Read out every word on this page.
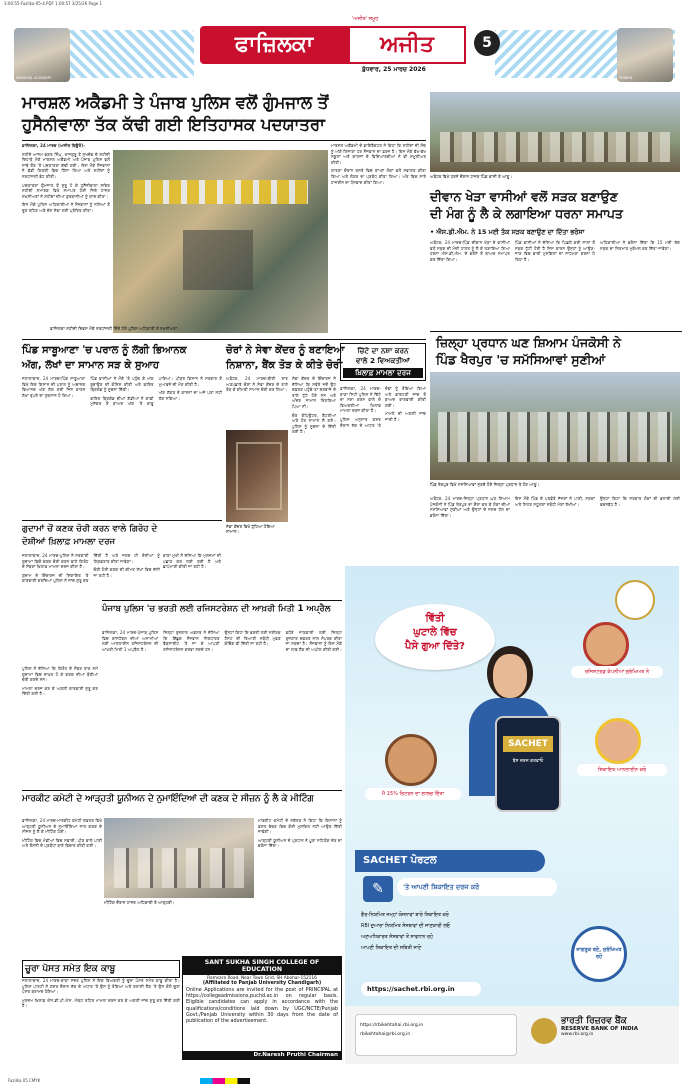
3:00:55-Fazilka-05-4.PDF 1:00:57 3/25/26 Page 1
MARSHAL ACADEMY	TOWER
ਫਾਜ਼ਿਲਕਾ	ਅਜੀਤ
'ਅਜੀਤ' ਸਮੂਹ
5
ਬੁੱਧਵਾਰ, 25 ਮਾਰਚ 2026
ਮਾਰਸ਼ਲ ਅਕੈਡਮੀ ਤੇ ਪੰਜਾਬ ਪੁਲਿਸ ਵਲੋਂ ਗੁੰਮਜਾਲ ਤੋਂ
ਹੁਸੈਨੀਵਾਲਾ ਤੱਕ ਕੱਢੀ ਗਈ ਇਤਿਹਾਸਕ ਪਦਯਾਤਰਾ

ਫ਼ਾਜ਼ਿਲਕਾ, 24 ਮਾਰਚ (ਅਜੀਤ ਬਿਊਰੋ)-

ਸ਼ਹੀਦੇ ਆਜ਼ਮ ਭਗਤ ਸਿੰਘ, ਰਾਜਗੁਰੂ ਤੇ ਸੁਖਦੇਵ ਦੇ ਸ਼ਹੀਦੀ ਦਿਹਾੜੇ ਮੌਕੇ ਮਾਰਸ਼ਲ ਅਕੈਡਮੀ ਅਤੇ ਪੰਜਾਬ ਪੁਲਿਸ ਵਲੋਂ ਸਾਂਝੇ ਤੌਰ 'ਤੇ ਪਦਯਾਤਰਾ ਕੱਢੀ ਗਈ। ਇਸ ਮੌਕੇ ਨੌਜਵਾਨਾਂ ਨੇ ਵੱਡੀ ਗਿਣਤੀ ਵਿਚ ਹਿੱਸਾ ਲਿਆ ਅਤੇ ਸ਼ਹੀਦਾਂ ਨੂੰ ਸ਼ਰਧਾਂਜਲੀ ਭੇਟ ਕੀਤੀ।

ਪਦਯਾਤਰਾ ਗੁੰਮਜਾਲ ਤੋਂ ਸ਼ੁਰੂ ਹੋ ਕੇ ਹੁਸੈਨੀਵਾਲਾ ਸਥਿਤ ਸ਼ਹੀਦੀ ਸਮਾਰਕ ਵਿਖੇ ਸਮਾਪਤ ਹੋਈ ਜਿਥੇ ਹਾਜ਼ਰ ਸ਼ਖ਼ਸੀਅਤਾਂ ਨੇ ਸ਼ਹੀਦਾਂ ਦੀਆਂ ਕੁਰਬਾਨੀਆਂ ਨੂੰ ਯਾਦ ਕੀਤਾ।

ਇਸ ਮੌਕੇ ਪੁਲਿਸ ਅਧਿਕਾਰੀਆਂ ਨੇ ਨੌਜਵਾਨਾਂ ਨੂੰ ਨਸ਼ਿਆਂ ਤੋਂ ਦੂਰ ਰਹਿਣ ਅਤੇ ਦੇਸ਼ ਸੇਵਾ ਲਈ ਪ੍ਰੇਰਿਤ ਕੀਤਾ।

ਫ਼ਾਜ਼ਿਲਕਾ ਸ਼ਹੀਦੀ ਦਿਵਸ ਮੌਕੇ ਸ਼ਰਧਾਂਜਲੀ ਦਿੰਦੇ ਹੋਏ ਪੁਲਿਸ ਅਧਿਕਾਰੀ ਤੇ ਸ਼ਖ਼ਸੀਅਤਾਂ।

ਮਾਰਸ਼ਲ ਅਕੈਡਮੀ ਦੇ ਡਾਇਰੈਕਟਰ ਨੇ ਕਿਹਾ ਕਿ ਸ਼ਹੀਦਾਂ ਦੀ ਸੋਚ ਨੂੰ ਅੱਗੇ ਲਿਜਾਣਾ ਹਰ ਨੌਜਵਾਨ ਦਾ ਫ਼ਰਜ਼ ਹੈ। ਇਸ ਮੌਕੇ ਵੱਖ-ਵੱਖ ਸਕੂਲਾਂ ਅਤੇ ਕਾਲਜਾਂ ਦੇ ਵਿਦਿਆਰਥੀਆਂ ਨੇ ਵੀ ਸ਼ਮੂਲੀਅਤ ਕੀਤੀ।

ਯਾਤਰਾ ਦੌਰਾਨ ਰਸਤੇ ਵਿਚ ਥਾਂ-ਥਾਂ ਲੋਕਾਂ ਵਲੋਂ ਸਵਾਗਤ ਕੀਤਾ ਗਿਆ ਅਤੇ ਲੰਗਰ ਦਾ ਪ੍ਰਬੰਧ ਕੀਤਾ ਗਿਆ। ਅੰਤ ਵਿਚ ਸਾਰੇ ਹਾਜ਼ਰੀਨ ਦਾ ਧੰਨਵਾਦ ਕੀਤਾ ਗਿਆ।

ਅਬੋਹਰ ਵਿਖੇ ਧਰਨੇ ਦੌਰਾਨ ਹਾਜ਼ਰ ਪਿੰਡ ਵਾਸੀ ਤੇ ਆਗੂ।
ਦੀਵਾਨ ਖੇੜਾ ਵਾਸੀਆਂ ਵਲੋਂ ਸੜਕ ਬਣਾਉਣ
ਦੀ ਮੰਗ ਨੂੰ ਲੈ ਕੇ ਲਗਾਇਆ ਧਰਨਾ ਸਮਾਪਤ
• ਐਸ.ਡੀ.ਐਮ. ਨੇ 15 ਮਈ ਤੱਕ ਸੜਕ ਬਣਾਉਣ ਦਾ ਦਿੱਤਾ ਭਰੋਸਾ

ਅਬੋਹਰ, 24 ਮਾਰਚ-ਪਿੰਡ ਦੀਵਾਨ ਖੇੜਾ ਦੇ ਵਾਸੀਆਂ ਵਲੋਂ ਸੜਕ ਦੀ ਮੰਦੀ ਹਾਲਤ ਨੂੰ ਲੈ ਕੇ ਲਗਾਇਆ ਗਿਆ ਧਰਨਾ ਐਸ.ਡੀ.ਐਮ. ਦੇ ਭਰੋਸੇ ਤੋਂ ਬਾਅਦ ਸਮਾਪਤ ਕਰ ਦਿੱਤਾ ਗਿਆ।

ਪਿੰਡ ਵਾਸੀਆਂ ਨੇ ਦੱਸਿਆ ਕਿ ਪਿਛਲੇ ਕਈ ਸਾਲਾਂ ਤੋਂ ਸੜਕ ਟੁੱਟੀ ਹੋਈ ਹੈ ਜਿਸ ਕਾਰਨ ਉਨ੍ਹਾਂ ਨੂੰ ਆਉਣ-ਜਾਣ ਵਿਚ ਭਾਰੀ ਮੁਸ਼ਕਿਲਾਂ ਦਾ ਸਾਹਮਣਾ ਕਰਨਾ ਪੈ ਰਿਹਾ ਹੈ।

ਅਧਿਕਾਰੀਆਂ ਨੇ ਭਰੋਸਾ ਦਿੱਤਾ ਕਿ 15 ਮਈ ਤੱਕ ਸੜਕ ਦਾ ਨਿਰਮਾਣ ਮੁਕੰਮਲ ਕਰ ਦਿੱਤਾ ਜਾਵੇਗਾ।

ਜ਼ਿਲ੍ਹਾ ਪ੍ਰਧਾਨ ਘਣ ਸ਼ਿਆਮ ਪੰਜਕੋਸੀ ਨੇ
ਪਿੰਡ ਖੈਰਪੁਰ 'ਚ ਸਮੱਸਿਆਵਾਂ ਸੁਣੀਆਂ
ਪਿੰਡ ਖੈਰਪੁਰ ਵਿਖੇ ਸਮੱਸਿਆਵਾਂ ਸੁਣਦੇ ਹੋਏ ਜ਼ਿਲ੍ਹਾ ਪ੍ਰਧਾਨ ਤੇ ਹੋਰ ਆਗੂ।

ਅਬੋਹਰ, 24 ਮਾਰਚ-ਜ਼ਿਲ੍ਹਾ ਪ੍ਰਧਾਨ ਘਣ ਸ਼ਿਆਮ ਪੰਜਕੋਸੀ ਨੇ ਪਿੰਡ ਖੈਰਪੁਰ ਦਾ ਦੌਰਾ ਕਰ ਕੇ ਲੋਕਾਂ ਦੀਆਂ ਸਮੱਸਿਆਵਾਂ ਸੁਣੀਆਂ ਅਤੇ ਉਨ੍ਹਾਂ ਦੇ ਜਲਦ ਹੱਲ ਦਾ ਭਰੋਸਾ ਦਿੱਤਾ।

ਇਸ ਮੌਕੇ ਪਿੰਡ ਦੇ ਪਤਵੰਤੇ ਸੱਜਣਾਂ ਨੇ ਪਾਣੀ, ਸੜਕਾਂ ਅਤੇ ਸਿਹਤ ਸਹੂਲਤਾਂ ਸਬੰਧੀ ਮੰਗਾਂ ਰੱਖੀਆਂ।

ਉਨ੍ਹਾਂ ਕਿਹਾ ਕਿ ਸਰਕਾਰ ਲੋਕਾਂ ਦੀ ਭਲਾਈ ਲਈ ਵਚਨਬੱਧ ਹੈ।

ਪਿੰਡ ਸਾਬੂਆਣਾ 'ਚ ਪਰਾਲ ਨੂੰ ਲੱਗੀ ਭਿਆਨਕ
ਅੱਗ, ਲੱਖਾਂ ਦਾ ਸਾਮਾਨ ਸੜ ਕੇ ਸੁਆਹ

ਜਲਾਲਾਬਾਦ, 24 ਮਾਰਚ-ਪਿੰਡ ਸਾਬੂਆਣਾ ਵਿਖੇ ਇਕ ਕਿਸਾਨ ਦੀ ਪਰਾਲ ਨੂੰ ਅਚਾਨਕ ਭਿਆਨਕ ਅੱਗ ਲੱਗ ਗਈ ਜਿਸ ਕਾਰਨ ਲੱਖਾਂ ਰੁਪਏ ਦਾ ਨੁਕਸਾਨ ਹੋ ਗਿਆ।

ਪਿੰਡ ਵਾਸੀਆਂ ਨੇ ਮੌਕੇ 'ਤੇ ਪਹੁੰਚ ਕੇ ਅੱਗ ਬੁਝਾਉਣ ਦੀ ਕੋਸ਼ਿਸ਼ ਕੀਤੀ ਅਤੇ ਫਾਇਰ ਬ੍ਰਿਗੇਡ ਨੂੰ ਸੂਚਨਾ ਦਿੱਤੀ।

ਫਾਇਰ ਬ੍ਰਿਗੇਡ ਦੀਆਂ ਗੱਡੀਆਂ ਨੇ ਕਾਫ਼ੀ ਮੁਸ਼ੱਕਤ ਤੋਂ ਬਾਅਦ ਅੱਗ 'ਤੇ ਕਾਬੂ ਪਾਇਆ। ਪੀੜਤ ਕਿਸਾਨ ਨੇ ਸਰਕਾਰ ਤੋਂ ਮੁਆਵਜ਼ੇ ਦੀ ਮੰਗ ਕੀਤੀ ਹੈ।

ਅੱਗ ਲੱਗਣ ਦੇ ਕਾਰਨਾਂ ਦਾ ਅਜੇ ਪਤਾ ਨਹੀਂ ਲੱਗ ਸਕਿਆ।

ਚੋਰਾਂ ਨੇ ਸੇਵਾ ਕੇਂਦਰ ਨੂੰ ਬਣਾਇਆ
ਨਿਸ਼ਾਨਾ, ਬੈਂਕ ਤੋੜ ਕੇ ਕੀਤੇ ਚੋਰੀ

ਅਬੋਹਰ, 24 ਮਾਰਚ-ਬੀਤੀ ਰਾਤ ਅਣਪਛਾਤੇ ਚੋਰਾਂ ਨੇ ਸੇਵਾ ਕੇਂਦਰ ਦੇ ਤਾਲੇ ਤੋੜ ਕੇ ਕੀਮਤੀ ਸਾਮਾਨ ਚੋਰੀ ਕਰ ਲਿਆ।

ਸੇਵਾ ਕੇਂਦਰ ਵਿਖੇ ਟੁੱਟਿਆ ਹੋਇਆ ਸਾਮਾਨ।

ਸੇਵਾ ਕੇਂਦਰ ਦੇ ਇੰਚਾਰਜ ਨੇ ਦੱਸਿਆ ਕਿ ਸਵੇਰੇ ਜਦੋਂ ਉਹ ਦਫ਼ਤਰ ਪਹੁੰਚੇ ਤਾਂ ਦਰਵਾਜ਼ੇ ਦੇ ਤਾਲੇ ਟੁੱਟੇ ਹੋਏ ਸਨ ਅਤੇ ਅੰਦਰ ਸਾਮਾਨ ਖਿੱਲਰਿਆ ਪਿਆ ਸੀ।

ਚੋਰ ਕੰਪਿਊਟਰ, ਬੈਟਰੀਆਂ ਅਤੇ ਹੋਰ ਸਾਮਾਨ ਲੈ ਗਏ। ਪੁਲਿਸ ਨੂੰ ਸੂਚਨਾ ਦੇ ਦਿੱਤੀ ਗਈ ਹੈ।

ਚਿੱਟੇ ਦਾ ਨਸ਼ਾ ਕਰਨ
ਵਾਲੇ 2 ਵਿਅਕਤੀਆਂ
ਖ਼ਿਲਾਫ਼ ਮਾਮਲਾ ਦਰਜ

ਫ਼ਾਜ਼ਿਲਕਾ, 24 ਮਾਰਚ-ਥਾਣਾ ਸਿਟੀ ਪੁਲਿਸ ਨੇ ਚਿੱਟੇ ਦਾ ਨਸ਼ਾ ਕਰਨ ਵਾਲੇ ਦੋ ਵਿਅਕਤੀਆਂ ਖ਼ਿਲਾਫ਼ ਮਾਮਲਾ ਦਰਜ ਕੀਤਾ ਹੈ।

ਪੁਲਿਸ ਅਨੁਸਾਰ ਗਸ਼ਤ ਦੌਰਾਨ ਸ਼ੱਕ ਦੇ ਅਧਾਰ 'ਤੇ ਦੋਵਾਂ ਨੂੰ ਰੋਕਿਆ ਗਿਆ ਅਤੇ ਡਾਕਟਰੀ ਜਾਂਚ ਤੋਂ ਬਾਅਦ ਕਾਰਵਾਈ ਕੀਤੀ ਗਈ।

ਮਾਮਲੇ ਦੀ ਅਗਲੀ ਜਾਂਚ ਜਾਰੀ ਹੈ।

ਗੁਦਾਮਾਂ ਚੋਂ ਕਣਕ ਚੋਰੀ ਕਰਨ ਵਾਲੇ ਗਿਰੋਹ ਦੇ
ਦੋਸ਼ੀਆਂ ਖ਼ਿਲਾਫ਼ ਮਾਮਲਾ ਦਰਜ

ਜਲਾਲਾਬਾਦ, 24 ਮਾਰਚ-ਪੁਲਿਸ ਨੇ ਸਰਕਾਰੀ ਗੁਦਾਮਾਂ ਵਿਚੋਂ ਕਣਕ ਚੋਰੀ ਕਰਨ ਵਾਲੇ ਗਿਰੋਹ ਦੇ ਮੈਂਬਰਾਂ ਖ਼ਿਲਾਫ਼ ਮਾਮਲਾ ਦਰਜ ਕੀਤਾ ਹੈ।

ਗੁਦਾਮ ਦੇ ਇੰਚਾਰਜ ਦੀ ਸ਼ਿਕਾਇਤ 'ਤੇ ਕਾਰਵਾਈ ਕਰਦਿਆਂ ਪੁਲਿਸ ਨੇ ਜਾਂਚ ਸ਼ੁਰੂ ਕਰ ਦਿੱਤੀ ਹੈ ਅਤੇ ਜਲਦ ਹੀ ਦੋਸ਼ੀਆਂ ਨੂੰ ਗ੍ਰਿਫ਼ਤਾਰ ਕੀਤਾ ਜਾਵੇਗਾ।

ਚੋਰੀ ਹੋਈ ਕਣਕ ਦੀ ਕੀਮਤ ਲੱਖਾਂ ਵਿਚ ਦੱਸੀ ਜਾ ਰਹੀ ਹੈ।

ਥਾਣਾ ਮੁਖੀ ਨੇ ਦੱਸਿਆ ਕਿ ਮੁਲਜ਼ਮਾਂ ਦੀ ਪਛਾਣ ਕਰ ਲਈ ਗਈ ਹੈ ਅਤੇ ਛਾਪੇਮਾਰੀ ਕੀਤੀ ਜਾ ਰਹੀ ਹੈ।

ਪੰਜਾਬ ਪੁਲਿਸ 'ਚ ਭਰਤੀ ਲਈ ਰਜਿਸਟਰੇਸ਼ਨ ਦੀ ਆਖ਼ਰੀ ਮਿਤੀ 1 ਅਪ੍ਰੈਲ

ਫ਼ਾਜ਼ਿਲਕਾ, 24 ਮਾਰਚ-ਪੰਜਾਬ ਪੁਲਿਸ ਵਿਚ ਕਾਂਸਟੇਬਲ ਦੀਆਂ ਅਸਾਮੀਆਂ ਲਈ ਆਨਲਾਈਨ ਰਜਿਸਟਰੇਸ਼ਨ ਦੀ ਆਖ਼ਰੀ ਮਿਤੀ 1 ਅਪ੍ਰੈਲ ਹੈ।

ਜ਼ਿਲ੍ਹਾ ਰੁਜ਼ਗਾਰ ਅਫ਼ਸਰ ਨੇ ਦੱਸਿਆ ਕਿ ਇੱਛੁਕ ਨੌਜਵਾਨ ਨਿਰਧਾਰਤ ਵੈਬਸਾਈਟ 'ਤੇ ਜਾ ਕੇ ਆਪਣੀ ਰਜਿਸਟਰੇਸ਼ਨ ਕਰਵਾ ਸਕਦੇ ਹਨ।

ਉਨ੍ਹਾਂ ਕਿਹਾ ਕਿ ਭਰਤੀ ਲਈ ਸਰੀਰਕ ਟੈਸਟ ਦੀ ਤਿਆਰੀ ਸਬੰਧੀ ਮੁਫ਼ਤ ਕੋਚਿੰਗ ਵੀ ਦਿੱਤੀ ਜਾ ਰਹੀ ਹੈ।

ਵਧੇਰੇ ਜਾਣਕਾਰੀ ਲਈ ਜ਼ਿਲ੍ਹਾ ਰੁਜ਼ਗਾਰ ਦਫ਼ਤਰ ਨਾਲ ਸੰਪਰਕ ਕੀਤਾ ਜਾ ਸਕਦਾ ਹੈ। ਨੌਜਵਾਨਾਂ ਨੂੰ ਇਸ ਮੌਕੇ ਦਾ ਲਾਭ ਲੈਣ ਦੀ ਅਪੀਲ ਕੀਤੀ ਗਈ।

ਪੁਲਿਸ ਨੇ ਦੱਸਿਆ ਕਿ ਗਿਰੋਹ ਦੇ ਮੈਂਬਰ ਰਾਤ ਸਮੇਂ ਗੁਦਾਮਾਂ ਵਿਚ ਦਾਖ਼ਲ ਹੋ ਕੇ ਕਣਕ ਦੀਆਂ ਬੋਰੀਆਂ ਚੋਰੀ ਕਰਦੇ ਸਨ।

ਮਾਮਲਾ ਦਰਜ ਕਰ ਕੇ ਅਗਲੀ ਕਾਰਵਾਈ ਸ਼ੁਰੂ ਕਰ ਦਿੱਤੀ ਗਈ ਹੈ।

ਮਾਰਕੀਟ ਕਮੇਟੀ ਦੇ ਆੜ੍ਹਤੀ ਯੂਨੀਅਨ ਦੇ ਨੁਮਾਇੰਦਿਆਂ ਦੀ ਕਣਕ ਦੇ ਸੀਜ਼ਨ ਨੂੰ ਲੈ ਕੇ ਮੀਟਿੰਗ

ਫ਼ਾਜ਼ਿਲਕਾ, 24 ਮਾਰਚ-ਮਾਰਕੀਟ ਕਮੇਟੀ ਦਫ਼ਤਰ ਵਿਖੇ ਆੜ੍ਹਤੀ ਯੂਨੀਅਨ ਦੇ ਨੁਮਾਇੰਦਿਆਂ ਨਾਲ ਕਣਕ ਦੇ ਸੀਜ਼ਨ ਨੂੰ ਲੈ ਕੇ ਮੀਟਿੰਗ ਹੋਈ।

ਮੀਟਿੰਗ ਵਿਚ ਮੰਡੀਆਂ ਵਿਚ ਸਫ਼ਾਈ, ਪੀਣ ਵਾਲੇ ਪਾਣੀ ਅਤੇ ਰੌਸ਼ਨੀ ਦੇ ਪ੍ਰਬੰਧਾਂ ਬਾਰੇ ਵਿਚਾਰ ਕੀਤੀ ਗਈ।

ਮੀਟਿੰਗ ਦੌਰਾਨ ਹਾਜ਼ਰ ਅਧਿਕਾਰੀ ਤੇ ਆੜ੍ਹਤੀ।

ਮਾਰਕੀਟ ਕਮੇਟੀ ਦੇ ਸਕੱਤਰ ਨੇ ਕਿਹਾ ਕਿ ਕਿਸਾਨਾਂ ਨੂੰ ਫ਼ਸਲ ਵੇਚਣ ਵਿਚ ਕੋਈ ਮੁਸ਼ਕਿਲ ਨਹੀਂ ਆਉਣ ਦਿੱਤੀ ਜਾਵੇਗੀ।

ਆੜ੍ਹਤੀ ਯੂਨੀਅਨ ਦੇ ਪ੍ਰਧਾਨ ਨੇ ਪੂਰਾ ਸਹਿਯੋਗ ਦੇਣ ਦਾ ਭਰੋਸਾ ਦਿੱਤਾ।

ਚੂਰਾ ਪੋਸਤ ਸਮੇਤ ਇਕ ਕਾਬੂ

ਜਲਾਲਾਬਾਦ, 24 ਮਾਰਚ-ਥਾਣਾ ਸਦਰ ਪੁਲਿਸ ਨੇ ਇਕ ਵਿਅਕਤੀ ਨੂੰ ਚੂਰਾ ਪੋਸਤ ਸਮੇਤ ਕਾਬੂ ਕੀਤਾ ਹੈ। ਪੁਲਿਸ ਪਾਰਟੀ ਨੇ ਗਸ਼ਤ ਦੌਰਾਨ ਸ਼ੱਕ ਦੇ ਅਧਾਰ 'ਤੇ ਉਸ ਨੂੰ ਰੋਕਿਆ ਅਤੇ ਤਲਾਸ਼ੀ ਲੈਣ 'ਤੇ ਉਸ ਕੋਲੋਂ ਚੂਰਾ ਪੋਸਤ ਬਰਾਮਦ ਹੋਇਆ।

ਮੁਲਜ਼ਮ ਖ਼ਿਲਾਫ਼ ਐਨ.ਡੀ.ਪੀ.ਐਸ. ਐਕਟ ਤਹਿਤ ਮਾਮਲਾ ਦਰਜ ਕਰ ਕੇ ਅਗਲੀ ਜਾਂਚ ਸ਼ੁਰੂ ਕਰ ਦਿੱਤੀ ਗਈ ਹੈ।

SANT SUKHA SINGH COLLEGE OF EDUCATION
Ramsara Road, Near Town Grid, SH Abohar-152116
(Affiliated to Panjab University Chandigarh)
Online Applications are invited for the post of PRINCIPAL at https://collegeadmissions.puchd.ac.in on regular basis. Eligible candidates can apply in accordance with the qualifications/conditions laid down by UGC/NCTE/Punjab Govt./Panjab University within 30 days from the date of publication of the advertisement.
Dr.Naresh Pruthi Chairman
ਵਿੱਤੀ
ਘੁਟਾਲੇ ਵਿੱਚ
ਪੈਸੇ ਗੁਆ ਦਿੱਤੇ?
SACHET
ਬੱਸ ਦਰਜ ਕਰਵਾਓ
ਰਜਿਸਟਰਡ ਕੰਪਨੀਆਂ ਸੁਰੱਖਿਅਤ ਨੇ
ਸ਼ਿਕਾਇਤ ਆਨਲਾਈਨ ਕਰੋ
ਮੈਂ 15% ਰਿਟਰਨ ਦਾ ਲਾਲਚ ਦਿੱਤਾ
SACHET ਪੋਰਟਲ
✎	'ਤੇ ਆਪਣੀ ਸ਼ਿਕਾਇਤ ਦਰਜ ਕਰੋ
ਗੈਰ-ਨਿਯਮਿਤ ਜਮ੍ਹਾਂ ਯੋਜਨਾਵਾਂ ਬਾਰੇ ਸ਼ਿਕਾਇਤ ਕਰੋ
RBI ਦੁਆਰਾ ਨਿਯਮਿਤ ਸੰਸਥਾਵਾਂ ਦੀ ਜਾਣਕਾਰੀ ਲਓ
ਅਣਅਧਿਕਾਰਤ ਸੰਸਥਾਵਾਂ ਤੋਂ ਸਾਵਧਾਨ ਰਹੋ
ਆਪਣੀ ਸ਼ਿਕਾਇਤ ਦੀ ਸਥਿਤੀ ਜਾਣੋ
https://sachet.rbi.org.in
ਜਾਗਰੂਕ ਬਣੋ, ਸੁਰੱਖਿਅਤ ਰਹੋ
https://rbikehtahai.rbi.org.in
rbikehtahai@rbi.org.in
ਭਾਰਤੀ ਰਿਜ਼ਰਵ ਬੈਂਕ
RESERVE BANK OF INDIA
www.rbi.org.in
Fazilka 05 CMYK
